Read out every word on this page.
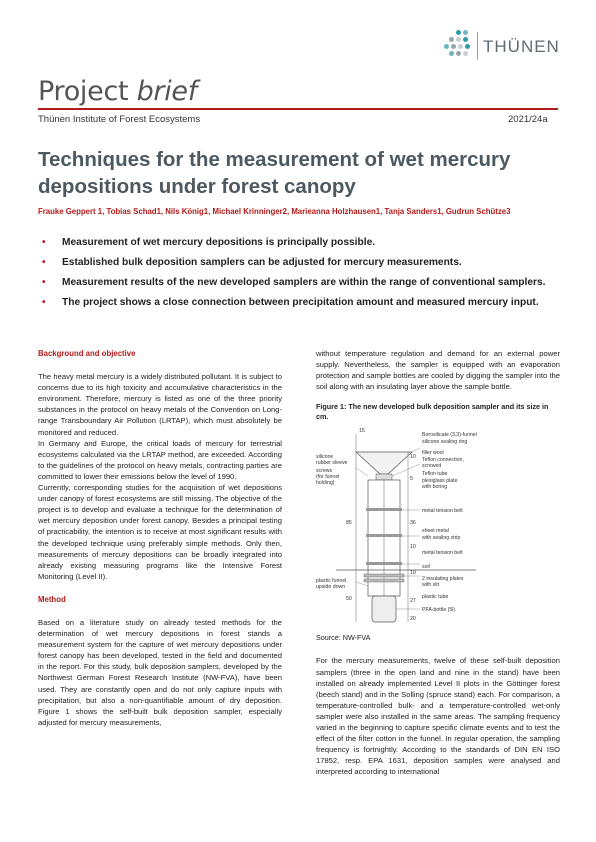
THÜNEN
Project brief
Thünen Institute of Forest Ecosystems	2021/24a
Techniques for the measurement of wet mercury depositions under forest canopy
Frauke Geppert 1, Tobias Schad1, Nils König1, Michael Krinninger2, Marieanna Holzhausen1, Tanja Sanders1, Gudrun Schütze3
• Measurement of wet mercury depositions is principally possible.
• Established bulk deposition samplers can be adjusted for mercury measurements.
• Measurement results of the new developed samplers are within the range of conventional samplers.
• The project shows a close connection between precipitation amount and measured mercury input.
Background and objective

The heavy metal mercury is a widely distributed pollutant. It is subject to concerns due to its high toxicity and accumulative characteristics in the environment. Therefore, mercury is listed as one of the three priority substances in the protocol on heavy metals of the Convention on Long-range Transboundary Air Pollution (LRTAP), which must absolutely be monitored and reduced.

In Germany and Europe, the critical loads of mercury for terrestrial ecosystems calculated via the LRTAP method, are exceeded. According to the guidelines of the protocol on heavy metals, contracting parties are committed to lower their emissions below the level of 1990.

Currently, corresponding studies for the acquisition of wet depositions under canopy of forest ecosystems are still missing. The objective of the project is to develop and evaluate a technique for the determination of wet mercury deposition under forest canopy. Besides a principal testing of practicability, the intention is to receive at most significant results with the developed technique using preferably simple methods. Only then, measurements of mercury depositions can be broadly integrated into already existing measuring programs like the Intensive Forest Monitoring (Level II).

Method

Based on a literature study on already tested methods for the determination of wet mercury depositions in forest stands a measurement system for the capture of wet mercury depositions under forest canopy has been developed, tested in the field and documented in the report. For this study, bulk deposition samplers, developed by the Northwest German Forest Research Institute (NW-FVA), have been used. They are constantly open and do not only capture inputs with precipitation, but also a non-quantifiable amount of dry deposition. Figure 1 shows the self-built bulk deposition sampler, especially adjusted for mercury measurements,

without temperature regulation and demand for an external power supply. Nevertheless, the sampler is equipped with an evaporation protection and sample bottles are cooled by digging the sampler into the soil along with an insulating layer above the sample bottle.

Figure 1: The new developed bulk deposition sampler and its size in cm.
Borosilicate (3.3)-funnel
silicone sealing ring
filler wool
Teflon connection,
screwed
Teflon tube
plexiglass plate
with boring
metal tension belt
sheet metal
with sealing strip
metal tension belt
soil
2 insulating plates
with slit
plastic tube
PFA-bottle (5l)
silicone
rubber sleeve
screws
(for funnel
holding)
plastic funnel,
upside down
15
10
5
85	36
10
10
50	27
20
Source: NW-FVA

For the mercury measurements, twelve of these self-built deposition samplers (three in the open land and nine in the stand) have been installed on already implemented Level II plots in the Göttinger forest (beech stand) and in the Solling (spruce stand) each. For comparison, a temperature-controlled bulk- and a temperature-controlled wet-only sampler were also installed in the same areas. The sampling frequency varied in the beginning to capture specific climate events and to test the effect of the filter cotton in the funnel. In regular operation, the sampling frequency is fortnightly. According to the standards of DIN EN ISO 17852, resp. EPA 1631, deposition samples were analysed and interpreted according to international
